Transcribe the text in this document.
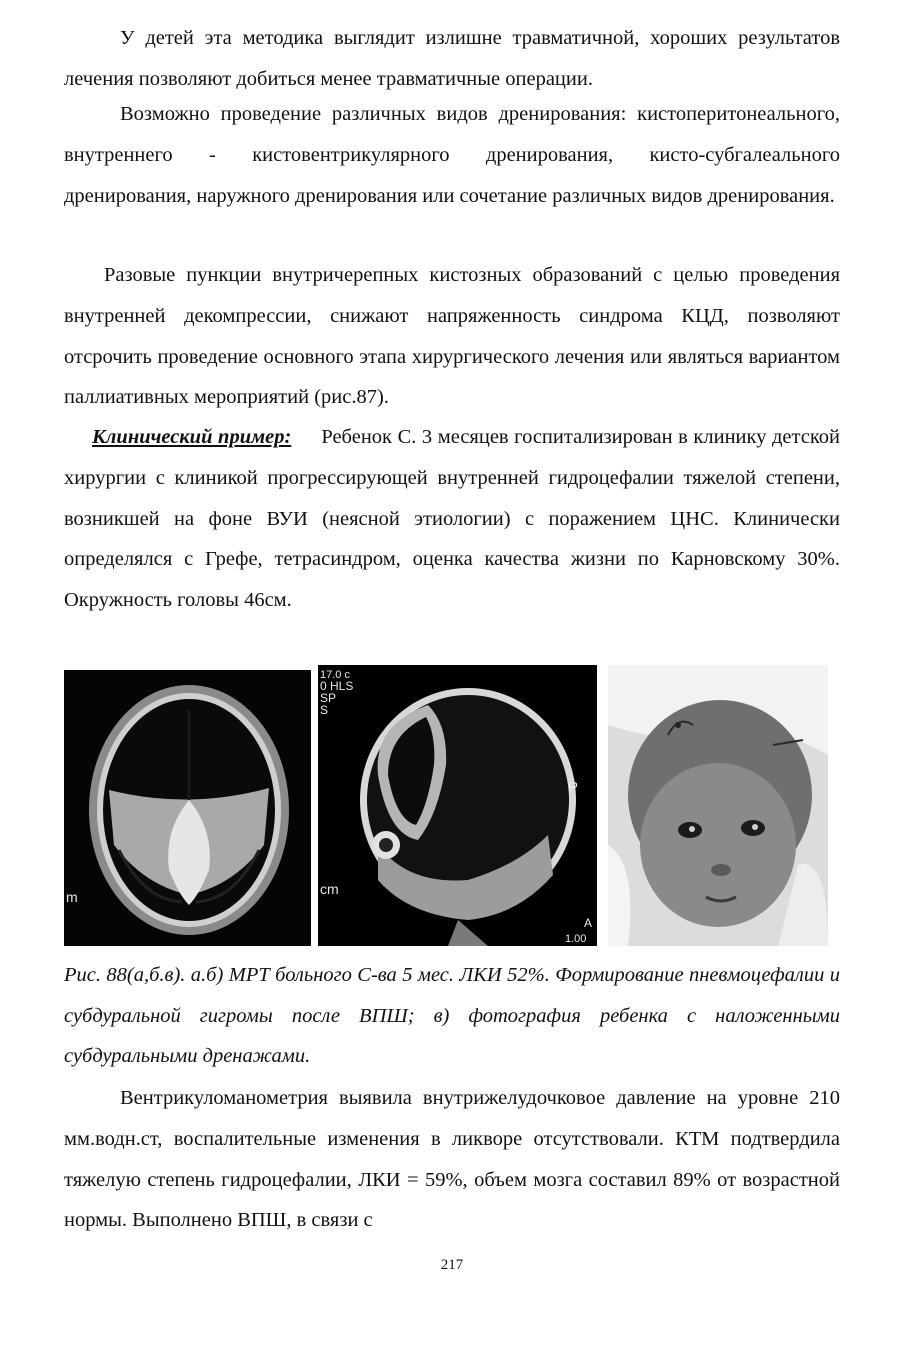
У детей эта методика выглядит излишне травматичной, хороших результатов лечения позволяют добиться менее травматичные операции.

Возможно проведение различных видов дренирования: кистоперитонеального, внутреннего - кистовентрикулярного дренирования, кисто-субгалеального дренирования, наружного дренирования или сочетание различных видов дренирования.

Разовые пункции внутричерепных кистозных образований с целью проведения внутренней декомпрессии, снижают напряженность синдрома КЦД, позволяют отсрочить проведение основного этапа хирургического лечения или являться вариантом паллиативных мероприятий (рис.87).

Клинический пример: Ребенок С. 3 месяцев госпитализирован в клинику детской хирургии с клиникой прогрессирующей внутренней гидроцефалии тяжелой степени, возникшей на фоне ВУИ (неясной этиологии) с поражением ЦНС. Клинически определялся с Грефе, тетрасиндром, оценка качества жизни по Карновскому 30%. Окружность головы 46см.

m
17.0 c
0 HLS
SP
S
P
cm
A
1.00

Рис. 88(а,б.в). а.б) МРТ больного С-ва 5 мес. ЛКИ 52%. Формирование пневмоцефалии и субдуральной гигромы после ВПШ; в) фотография ребенка с наложенными субдуральными дренажами.

Вентрикуломанометрия выявила внутрижелудочковое давление на уровне 210 мм.водн.ст, воспалительные изменения в ликворе отсутствовали. КТМ подтвердила тяжелую степень гидроцефалии, ЛКИ = 59%, объем мозга составил 89% от возрастной нормы. Выполнено ВПШ, в связи с

217
